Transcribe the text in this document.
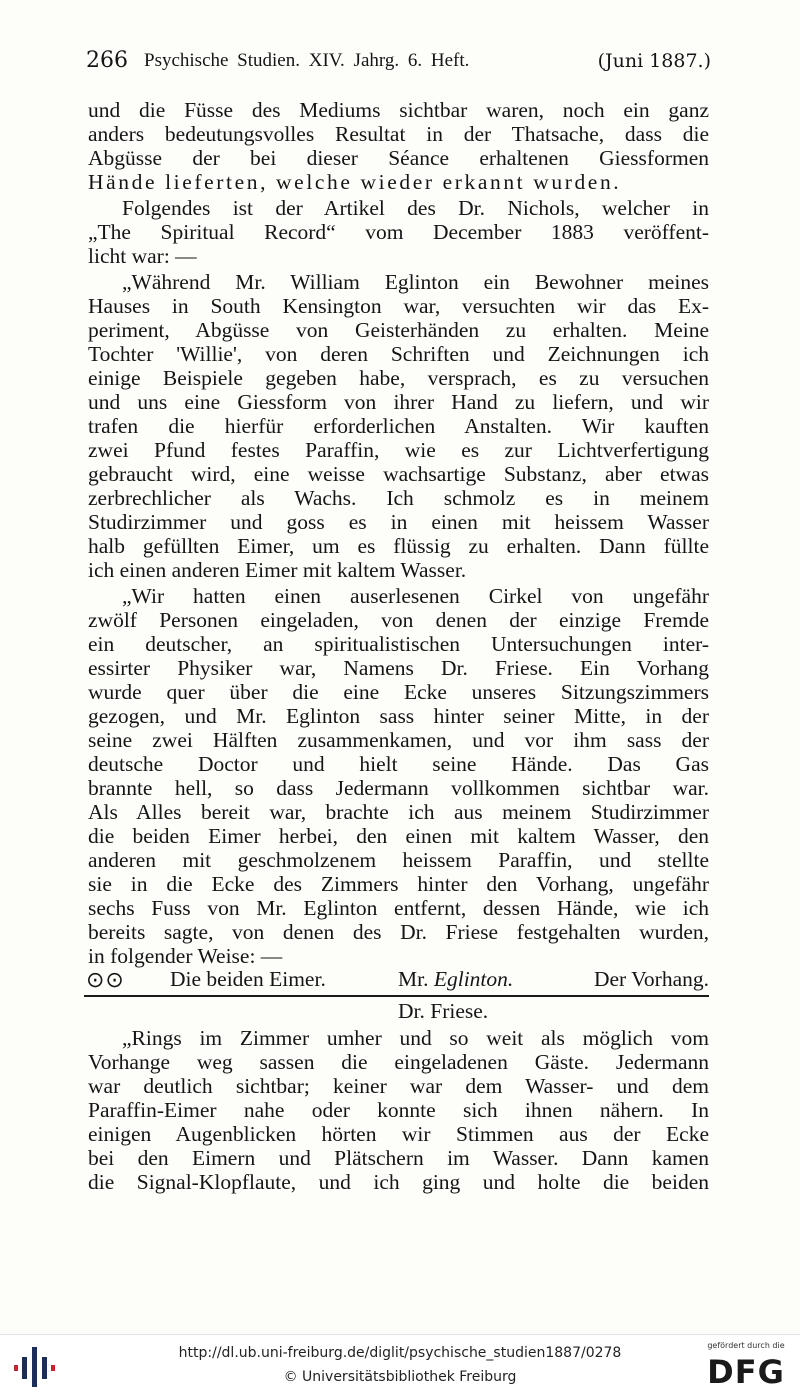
266 Psychische Studien. XIV. Jahrg. 6. Heft.	(Juni 1887.)
und die Füsse des Mediums sichtbar waren, noch ein ganz
anders bedeutungsvolles Resultat in der Thatsache, dass die
Abgüsse der bei dieser Séance erhaltenen Giessformen
Hände lieferten, welche wieder erkannt wurden.
Folgendes ist der Artikel des Dr. Nichols, welcher in
„The Spiritual Record“ vom December 1883 veröffent-
licht war: —
„Während Mr. William Eglinton ein Bewohner meines
Hauses in South Kensington war, versuchten wir das Ex-
periment, Abgüsse von Geisterhänden zu erhalten. Meine
Tochter 'Willie', von deren Schriften und Zeichnungen ich
einige Beispiele gegeben habe, versprach, es zu versuchen
und uns eine Giessform von ihrer Hand zu liefern, und wir
trafen die hierfür erforderlichen Anstalten. Wir kauften
zwei Pfund festes Paraffin, wie es zur Lichtverfertigung
gebraucht wird, eine weisse wachsartige Substanz, aber etwas
zerbrechlicher als Wachs. Ich schmolz es in meinem
Studirzimmer und goss es in einen mit heissem Wasser
halb gefüllten Eimer, um es flüssig zu erhalten. Dann füllte
ich einen anderen Eimer mit kaltem Wasser.
„Wir hatten einen auserlesenen Cirkel von ungefähr
zwölf Personen eingeladen, von denen der einzige Fremde
ein deutscher, an spiritualistischen Untersuchungen inter-
essirter Physiker war, Namens Dr. Friese. Ein Vorhang
wurde quer über die eine Ecke unseres Sitzungszimmers
gezogen, und Mr. Eglinton sass hinter seiner Mitte, in der
seine zwei Hälften zusammenkamen, und vor ihm sass der
deutsche Doctor und hielt seine Hände. Das Gas
brannte hell, so dass Jedermann vollkommen sichtbar war.
Als Alles bereit war, brachte ich aus meinem Studirzimmer
die beiden Eimer herbei, den einen mit kaltem Wasser, den
anderen mit geschmolzenem heissem Paraffin, und stellte
sie in die Ecke des Zimmers hinter den Vorhang, ungefähr
sechs Fuss von Mr. Eglinton entfernt, dessen Hände, wie ich
bereits sagte, von denen des Dr. Friese festgehalten wurden,
in folgender Weise: —
⊙⊙ Die beiden Eimer.	Mr. Eglinton.	Der Vorhang.
Dr. Friese.
„Rings im Zimmer umher und so weit als möglich vom
Vorhange weg sassen die eingeladenen Gäste. Jedermann
war deutlich sichtbar; keiner war dem Wasser- und dem
Paraffin-Eimer nahe oder konnte sich ihnen nähern. In
einigen Augenblicken hörten wir Stimmen aus der Ecke
bei den Eimern und Plätschern im Wasser. Dann kamen
die Signal-Klopflaute, und ich ging und holte die beiden
http://dl.ub.uni-freiburg.de/diglit/psychische_studien1887/0278
© Universitätsbibliothek Freiburg
gefördert durch die
DFG
